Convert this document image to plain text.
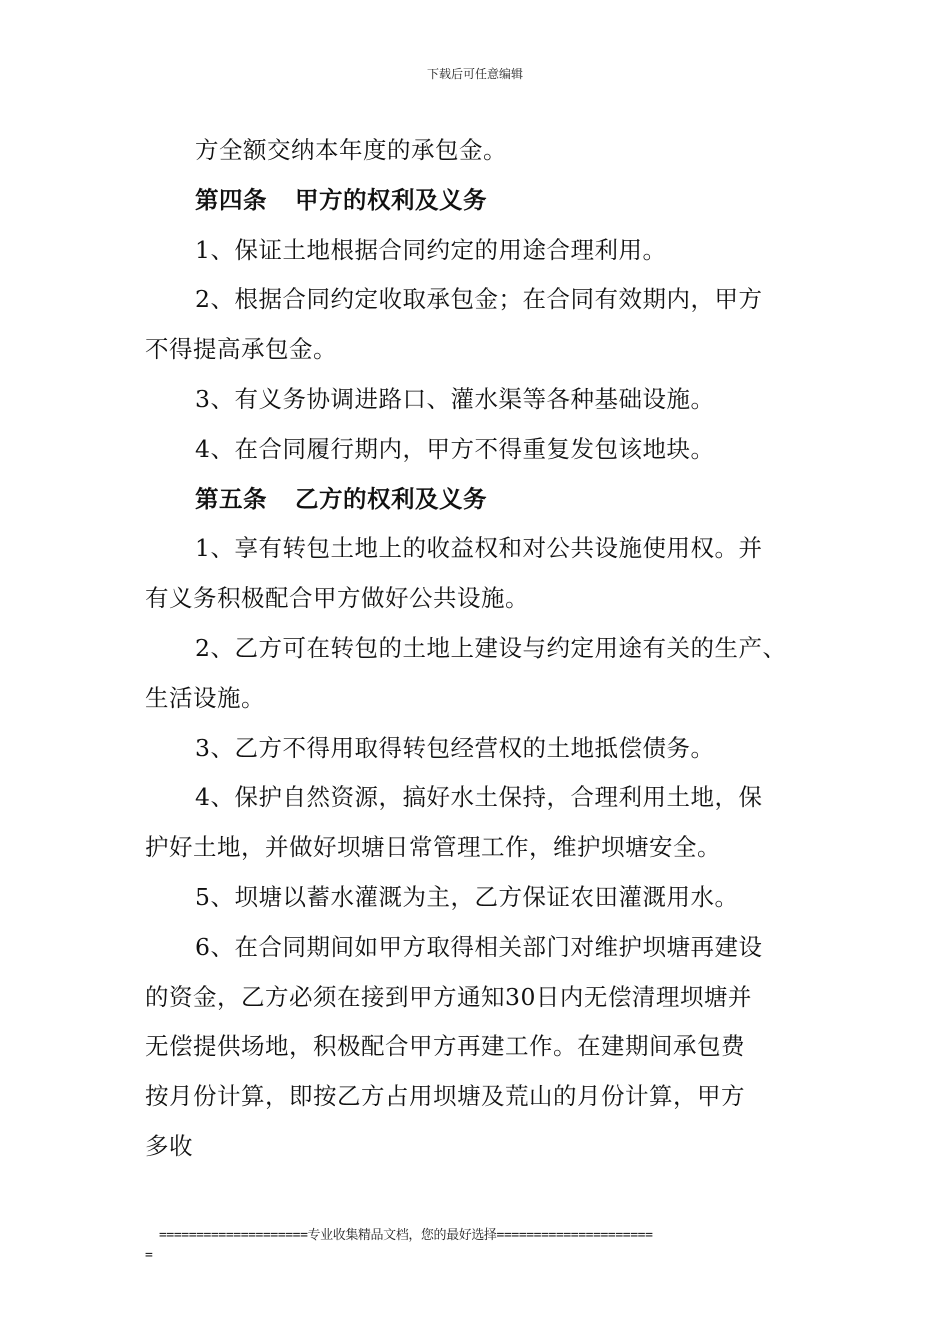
下载后可任意编辑
方全额交纳本年度的承包金。
第四条 甲方的权利及义务
1、保证土地根据合同约定的用途合理利用。
2、根据合同约定收取承包金；在合同有效期内，甲方
不得提高承包金。
3、有义务协调进路口、灌水渠等各种基础设施。
4、在合同履行期内，甲方不得重复发包该地块。
第五条 乙方的权利及义务
1、享有转包土地上的收益权和对公共设施使用权。并
有义务积极配合甲方做好公共设施。
2、乙方可在转包的土地上建设与约定用途有关的生产、
生活设施。
3、乙方不得用取得转包经营权的土地抵偿债务。
4、保护自然资源，搞好水土保持，合理利用土地，保
护好土地，并做好坝塘日常管理工作，维护坝塘安全。
5、坝塘以蓄水灌溉为主，乙方保证农田灌溉用水。
6、在合同期间如甲方取得相关部门对维护坝塘再建设
的资金，乙方必须在接到甲方通知30日内无偿清理坝塘并
无偿提供场地，积极配合甲方再建工作。在建期间承包费
按月份计算，即按乙方占用坝塘及荒山的月份计算，甲方
多收
====================专业收集精品文档，您的最好选择=====================
=
